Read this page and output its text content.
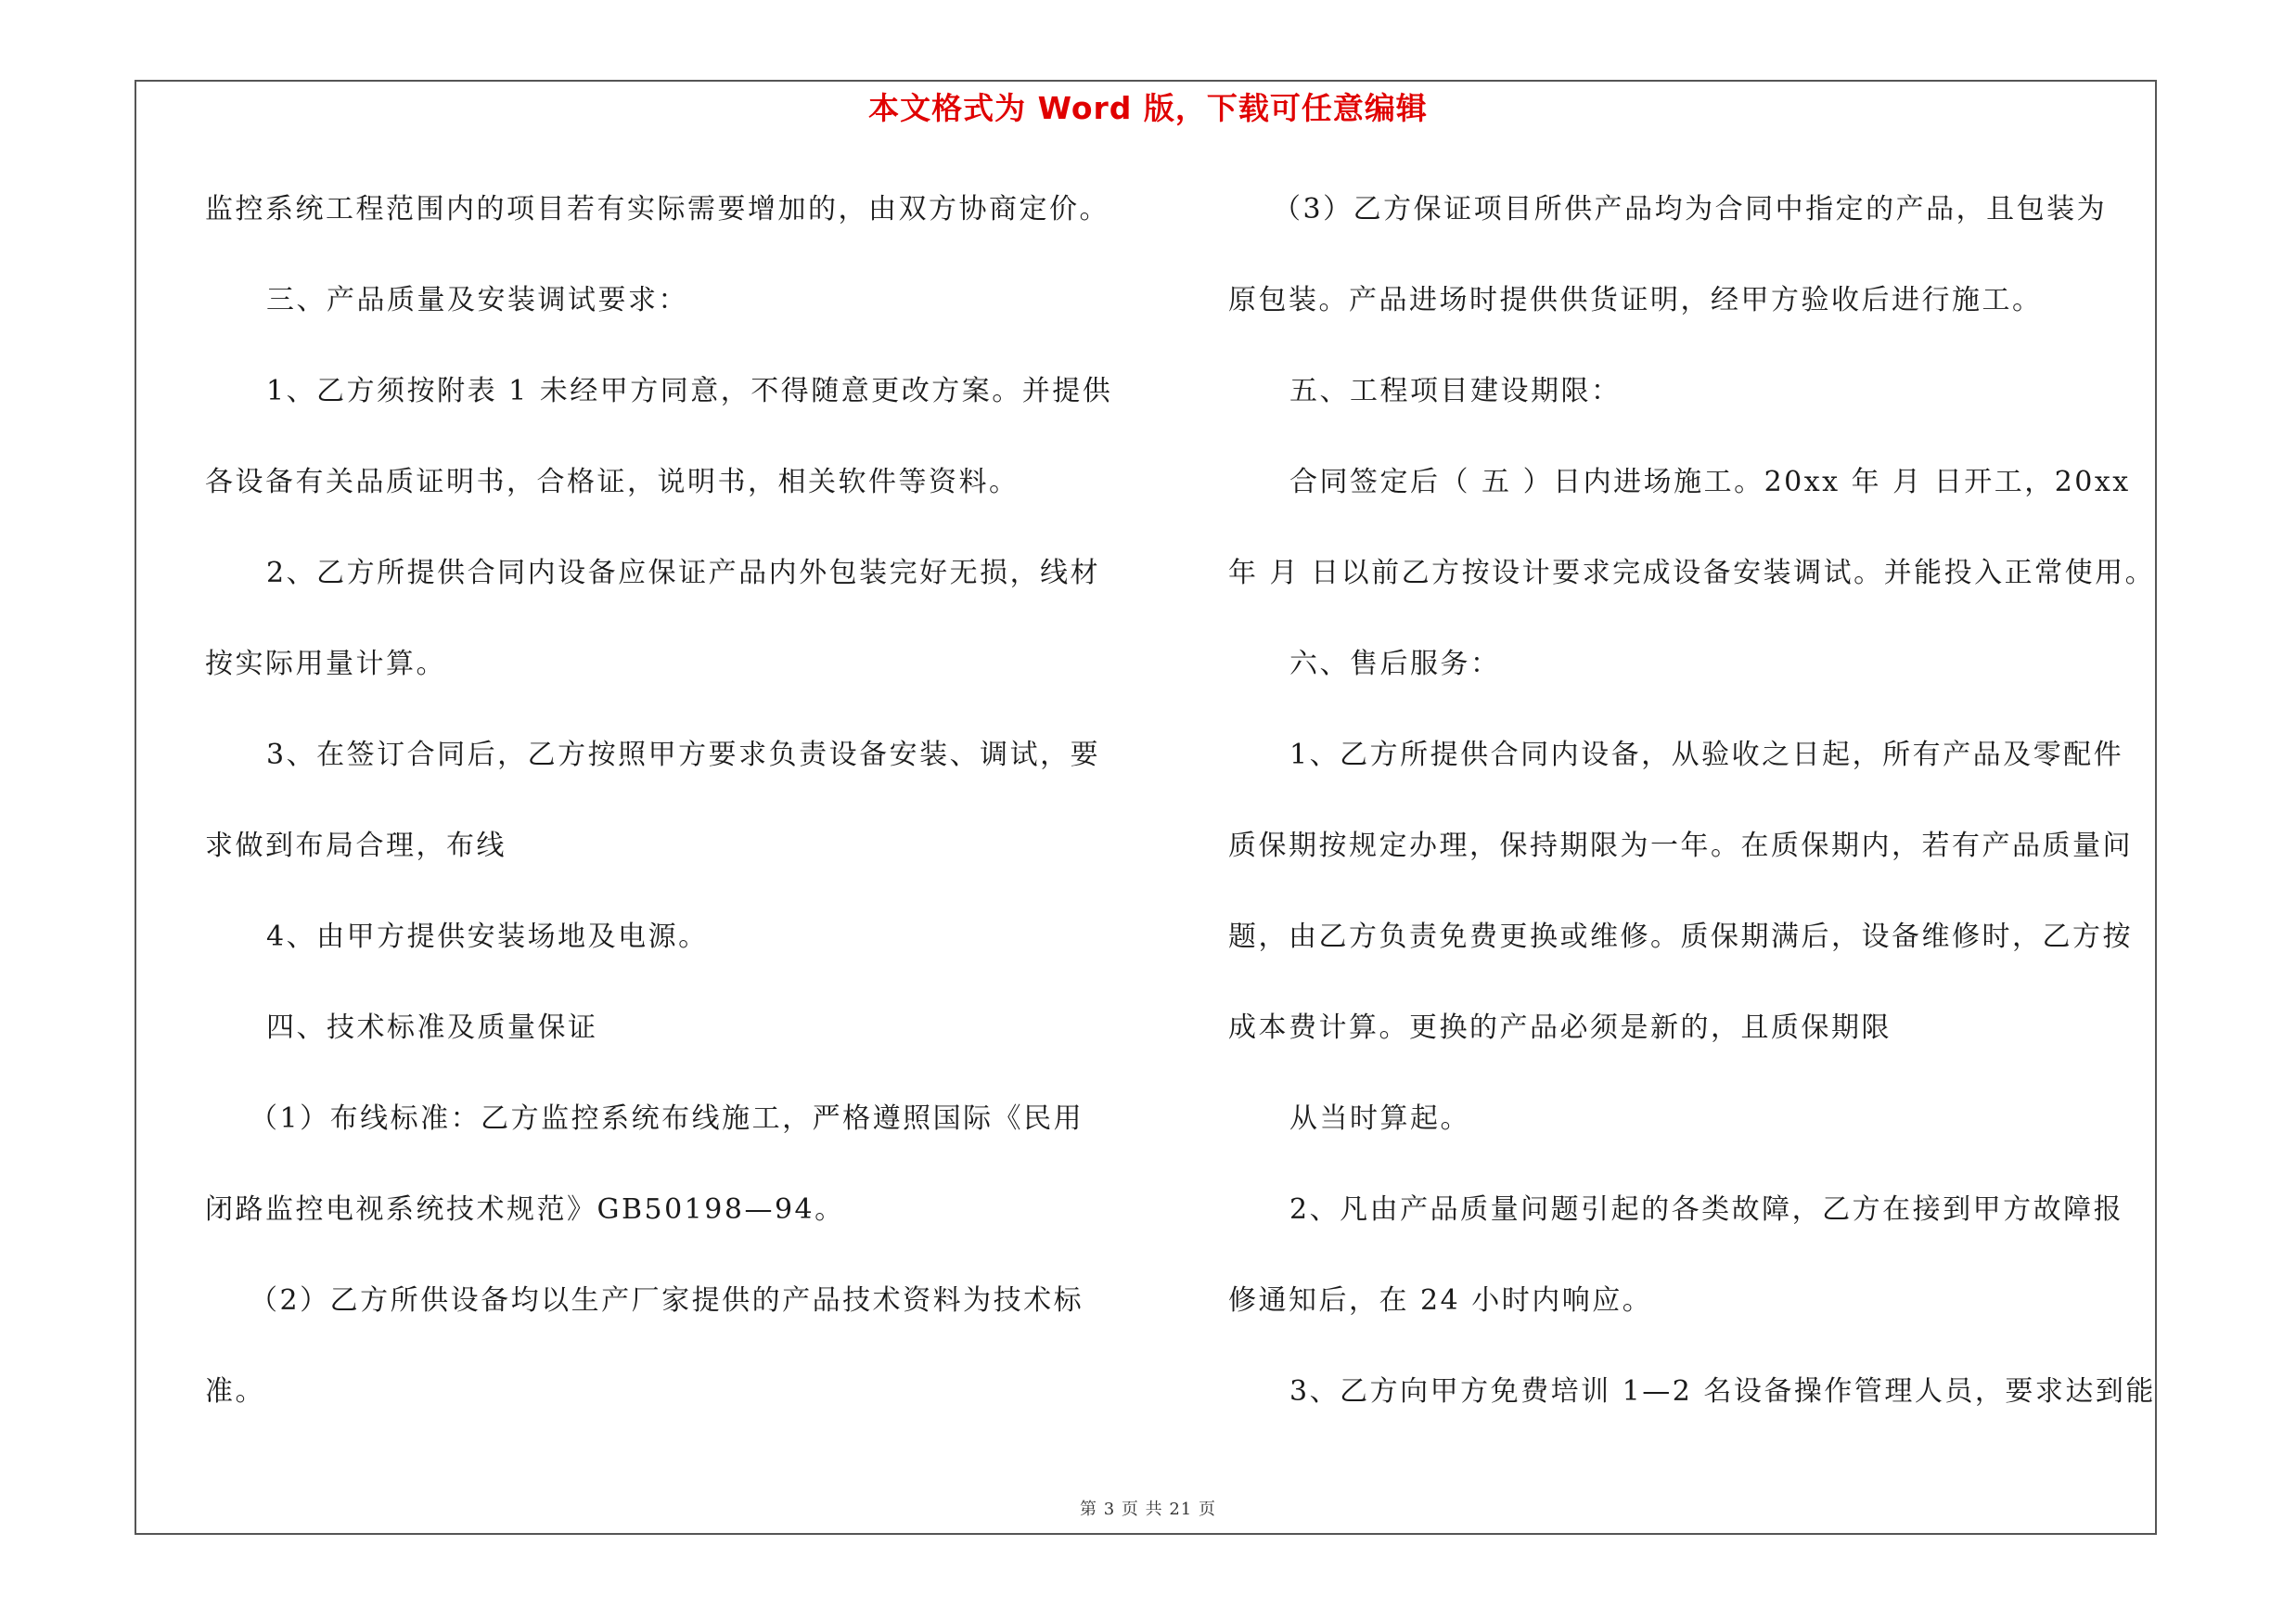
本文格式为 Word 版，下载可任意编辑
监控系统工程范围内的项目若有实际需要增加的，由双方协商定价。
三、产品质量及安装调试要求：
1、乙方须按附表 1 未经甲方同意，不得随意更改方案。并提供
各设备有关品质证明书，合格证，说明书，相关软件等资料。
2、乙方所提供合同内设备应保证产品内外包装完好无损，线材
按实际用量计算。
3、在签订合同后，乙方按照甲方要求负责设备安装、调试，要
求做到布局合理，布线
4、由甲方提供安装场地及电源。
四、技术标准及质量保证
（1）布线标准：乙方监控系统布线施工，严格遵照国际《民用
闭路监控电视系统技术规范》GB50198—94。
（2）乙方所供设备均以生产厂家提供的产品技术资料为技术标
准。
（3）乙方保证项目所供产品均为合同中指定的产品，且包装为
原包装。产品进场时提供供货证明，经甲方验收后进行施工。
五、工程项目建设期限：
合同签定后（ 五 ）日内进场施工。20xx 年 月 日开工，20xx
年 月 日以前乙方按设计要求完成设备安装调试。并能投入正常使用。
六、售后服务：
1、乙方所提供合同内设备，从验收之日起，所有产品及零配件
质保期按规定办理，保持期限为一年。在质保期内，若有产品质量问
题，由乙方负责免费更换或维修。质保期满后，设备维修时，乙方按
成本费计算。更换的产品必须是新的，且质保期限
从当时算起。
2、凡由产品质量问题引起的各类故障，乙方在接到甲方故障报
修通知后，在 24 小时内响应。
3、乙方向甲方免费培训 1—2 名设备操作管理人员，要求达到能
第 3 页 共 21 页
